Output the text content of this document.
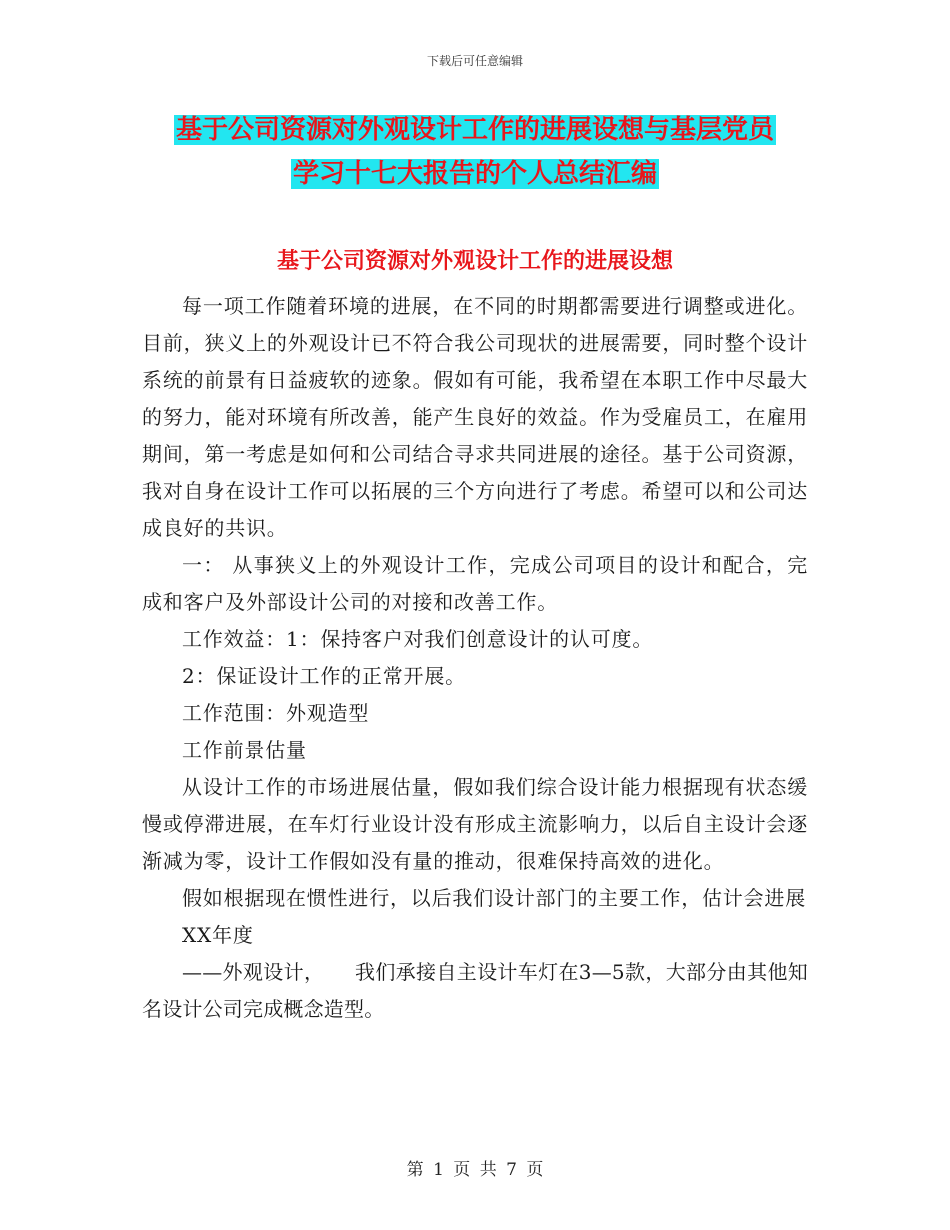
下载后可任意编辑
基于公司资源对外观设计工作的进展设想与基层党员
学习十七大报告的个人总结汇编
基于公司资源对外观设计工作的进展设想

每一项工作随着环境的进展，在不同的时期都需要进行调整或进化。目前，狭义上的外观设计已不符合我公司现状的进展需要，同时整个设计系统的前景有日益疲软的迹象。假如有可能，我希望在本职工作中尽最大的努力，能对环境有所改善，能产生良好的效益。作为受雇员工，在雇用期间，第一考虑是如何和公司结合寻求共同进展的途径。基于公司资源，我对自身在设计工作可以拓展的三个方向进行了考虑。希望可以和公司达成良好的共识。

一： 从事狭义上的外观设计工作，完成公司项目的设计和配合，完成和客户及外部设计公司的对接和改善工作。

工作效益：1：保持客户对我们创意设计的认可度。

2：保证设计工作的正常开展。

工作范围：外观造型

工作前景估量

从设计工作的市场进展估量，假如我们综合设计能力根据现有状态缓慢或停滞进展，在车灯行业设计没有形成主流影响力，以后自主设计会逐渐减为零，设计工作假如没有量的推动，很难保持高效的进化。

假如根据现在惯性进行，以后我们设计部门的主要工作，估计会进展

XX年度

——外观设计，　　我们承接自主设计车灯在3—5款，大部分由其他知名设计公司完成概念造型。

第 1 页 共 7 页
